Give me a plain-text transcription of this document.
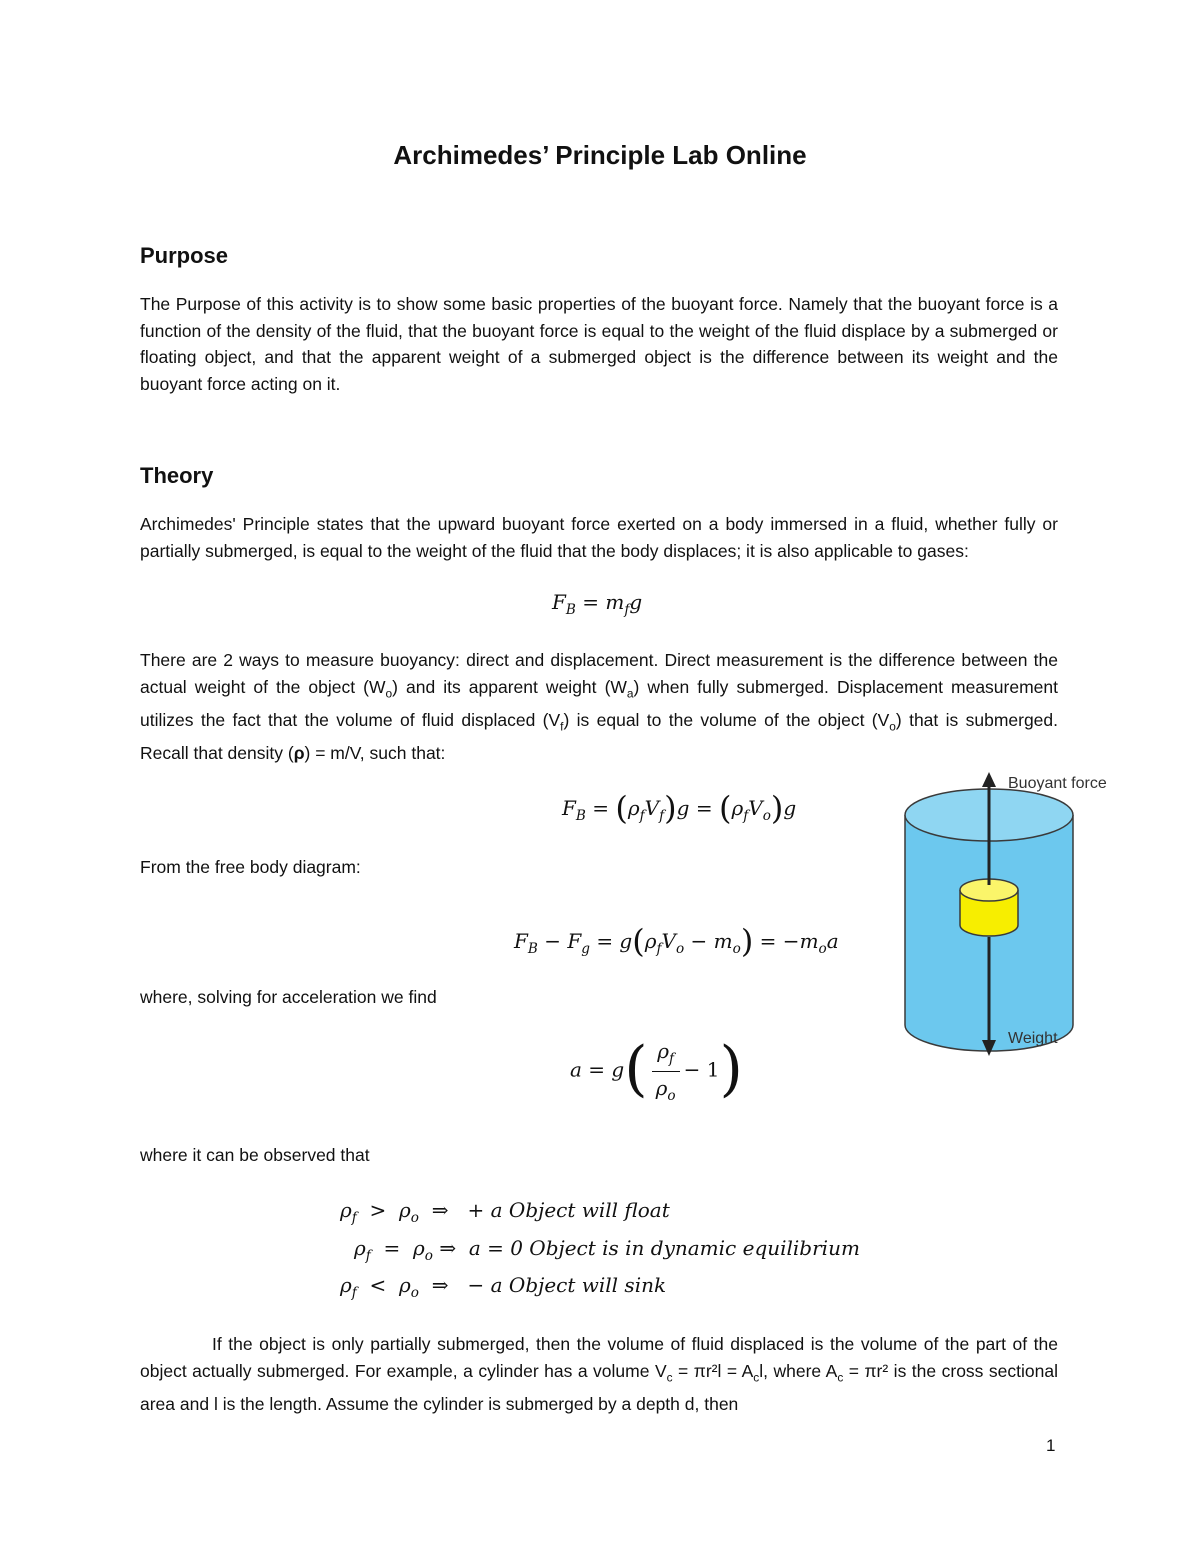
Archimedes’ Principle Lab Online
Purpose
The Purpose of this activity is to show some basic properties of the buoyant force. Namely that the buoyant force is a function of the density of the fluid, that the buoyant force is equal to the weight of the fluid displace by a submerged or floating object, and that the apparent weight of a submerged object is the difference between its weight and the buoyant force acting on it.
Theory
Archimedes' Principle states that the upward buoyant force exerted on a body immersed in a fluid, whether fully or partially submerged, is equal to the weight of the fluid that the body displaces; it is also applicable to gases:
$F_B = m_fg$
There are 2 ways to measure buoyancy: direct and displacement. Direct measurement is the difference between the actual weight of the object $(W_o)$ and its apparent weight $(W_a)$ when fully submerged. Displacement measurement utilizes the fact that the volume of fluid displaced $(V_f)$ is equal to the volume of the object $(V_o)$ that is submerged. Recall that density (ρ) = m/V, such that:
$F_B = (\rho_fV_f)g = (\rho_fV_o)g$
From the free body diagram:
$F_B - F_g = g(\rho_fV_o - m_o) = -m_oa$
where, solving for acceleration we find
$a = g( \frac{\rho_f}{\rho_o} - 1)$
where it can be observed that
$\rho_f > \rho_o$ ⇒ + a Object will float
$\rho_f = \rho_o$ ⇒ a = 0 Object is in dynamic equilibrium
$\rho_f < \rho_o$ ⇒ − a Object will sink
If the object is only partially submerged, then the volume of fluid displaced is the volume of the part of the object actually submerged. For example, a cylinder has a volume $V_c = \pi r^2l = A_cl$, where $A_c = \pi r^2$ is the cross sectional area and l is the length. Assume the cylinder is submerged by a depth d, then
1
Buoyant force
Weight
